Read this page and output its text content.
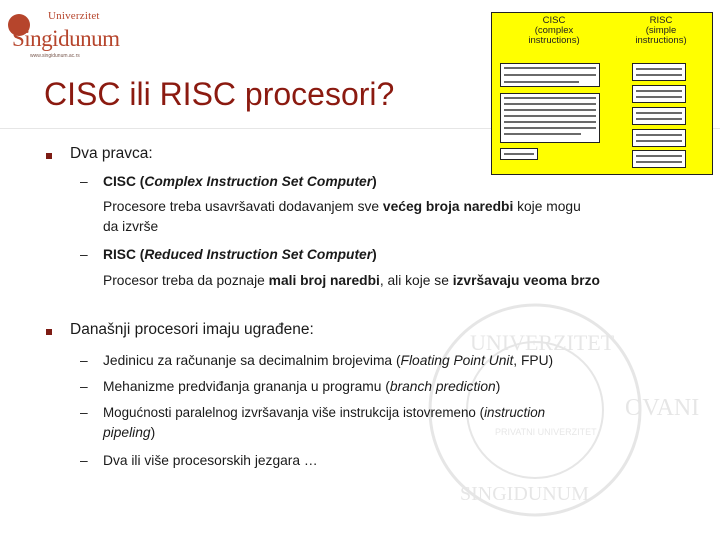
UNIVERZITET
SINGIDUNUM
PRIVATNI UNIVERZITET
OVANI
Univerzitet
Singidunum
www.singidunum.ac.rs
CISC ili RISC procesori?
CISC
(complex
instructions)
RISC
(simple
instructions)
Dva pravca:
– CISC (Complex Instruction Set Computer)
Procesore treba usavršavati dodavanjem sve većeg broja naredbi koje mogu
da izvrše
– RISC (Reduced Instruction Set Computer)
Procesor treba da poznaje mali broj naredbi, ali koje se izvršavaju veoma brzo
Današnji procesori imaju ugrađene:
– Jedinicu za računanje sa decimalnim brojevima (Floating Point Unit, FPU)
– Mehanizme predviđanja grananja u programu (branch prediction)
– Mogućnosti paralelnog izvršavanja više instrukcija istovremeno (instruction
pipeling)
– Dva ili više procesorskih jezgara …
